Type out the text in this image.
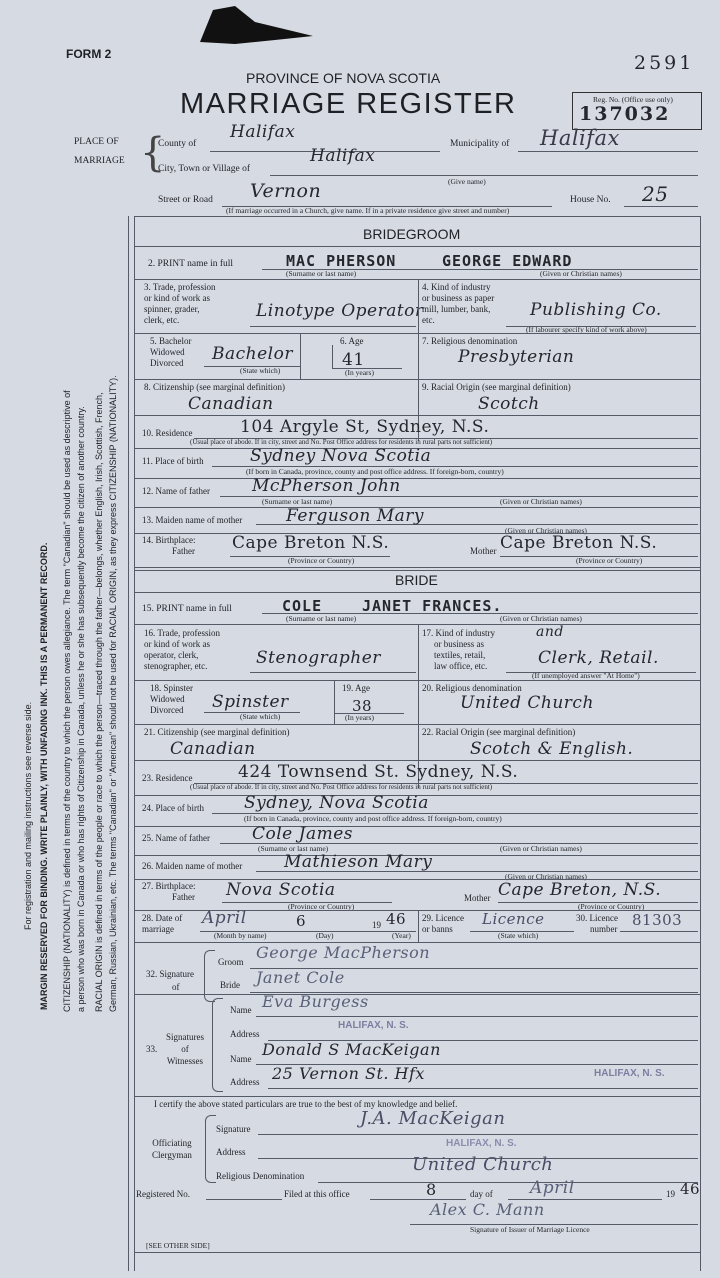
FORM 2	2591
PROVINCE OF NOVA SCOTIA
MARRIAGE REGISTER	Reg. No. (Office use only)
137032
PLACE OF
MARRIAGE {
County of
Halifax
Municipality of Halifax
City, Town or Village of
Halifax
(Give name)
Street or Road Vernon	House No. 25
(If marriage occurred in a Church, give name. If in a private residence give street and number)
For registration and mailing instructions see reverse side. MARGIN RESERVED FOR BINDING. WRITE PLAINLY, WITH UNFADING INK. THIS IS A PERMANENT RECORD. CITIZENSHIP (NATIONALITY) is defined in terms of the country to which the person owes allegiance. The term "Canadian" should be used as descriptive of a person who was born in Canada or who has rights of Citizenship in Canada, unless he or she has subsequently become the citizen of another country. RACIAL ORIGIN is defined in terms of the people or race to which the person—traced through the father—belongs, whether English, Irish, Scottish, French, German, Russian, Ukrainian, etc. The terms "Canadian" or "American" should not be used for RACIAL ORIGIN, as they express CITIZENSHIP (NATIONALITY).
BRIDEGROOM
2. PRINT name in full	MAC PHERSON	GEORGE EDWARD
(Surname or last name)	(Given or Christian names)
3. Trade, profession
or kind of work as
spinner, grader,
clerk, etc.	Linotype Operator
4. Kind of industry
or business as paper
mill, lumber, bank,
etc.	Publishing Co.
(If labourer specify kind of work above)
5. Bachelor
Widowed
Divorced	Bachelor
(State which)
6. Age
41
(In years)
7. Religious denomination
Presbyterian
8. Citizenship (see marginal definition)
Canadian
9. Racial Origin (see marginal definition)
Scotch
10. Residence	104 Argyle St, Sydney, N.S.
(Usual place of abode. If in city, street and No. Post Office address for residents in rural parts not sufficient)
11. Place of birth	Sydney Nova Scotia
(If born in Canada, province, county and post office address. If foreign-born, country)
12. Name of father McPherson John
(Surname or last name)	(Given or Christian names)
13. Maiden name of mother	Ferguson Mary
(Given or Christian names)
14. Birthplace:
Father Cape Breton N.S.
(Province or Country)
Mother Cape Breton N.S.
(Province or Country)
BRIDE
15. PRINT name in full	COLE	JANET FRANCES.
(Surname or last name)	(Given or Christian names)
16. Trade, profession
or kind of work as
operator, clerk,
stenographer, etc.	Stenographer
17. Kind of industry
or business as
textiles, retail,
law office, etc.
and
Clerk, Retail.
(If unemployed answer "At Home")
18. Spinster
Widowed
Divorced	Spinster
(State which)
19. Age
38
(In years)
20. Religious denomination
United Church
21. Citizenship (see marginal definition)
Canadian
22. Racial Origin (see marginal definition)
Scotch & English.
23. Residence	424 Townsend St. Sydney, N.S.
(Usual place of abode. If in city, street and No. Post Office address for residents in rural parts not sufficient)
24. Place of birth Sydney, Nova Scotia
(If born in Canada, province, county and post office address. If foreign-born, country)
25. Name of father Cole James
(Surname or last name)	(Given or Christian names)
26. Maiden name of mother Mathieson Mary
(Given or Christian names)
27. Birthplace:
Father Nova Scotia
(Province or Country)
Mother Cape Breton, N.S.
(Province or Country)
28. Date of
marriage
April	6	19 46
(Month by name)	(Day)	(Year)
29. Licence
or banns
Licence
(State which)
30. Licence
number 81303
32. Signature
of
Groom George MacPherson
Bride Janet Cole
33.
Signatures
of
Witnesses
Name Eva Burgess
Address
HALIFAX, N. S.
Name Donald S MacKeigan
Address 25 Vernon St. Hfx	HALIFAX, N. S.
I certify the above stated particulars are true to the best of my knowledge and belief.
Officiating
Clergyman
Signature	J.A. MacKeigan
Address
HALIFAX, N. S.
Religious Denomination
United Church
Registered No.	Filed at this office	8	day of April	19 46
Alex C. Mann
Signature of Issuer of Marriage Licence
[SEE OTHER SIDE]
